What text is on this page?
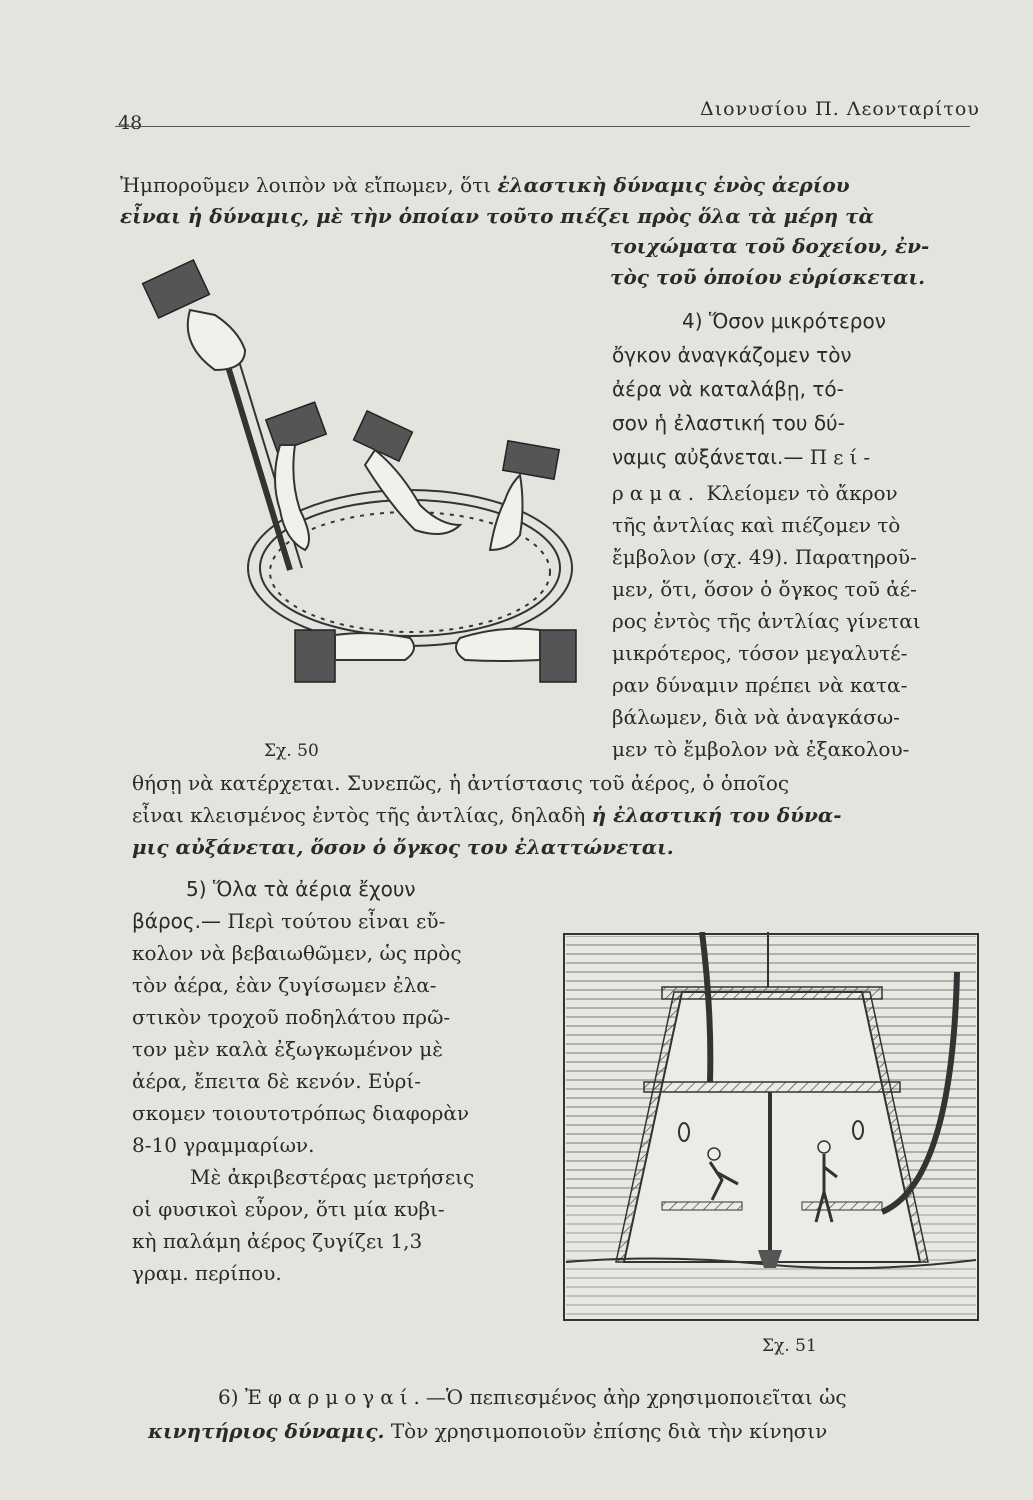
48
Διονυσίου Π. Λεονταρίτου
Ἠμποροῦμεν λοιπὸν νὰ εἴπωμεν, ὅτι ἐλαστικὴ δύναμις ἑνὸς ἀερίου
εἶναι ἡ δύναμις, μὲ τὴν ὁποίαν τοῦτο πιέζει πρὸς ὅλα τὰ μέρη τὰ
τοιχώματα τοῦ δοχείου, ἐν-
τὸς τοῦ ὁποίου εὑρίσκεται.
Σχ. 50
4) Ὅσον μικρότερον
ὄγκον ἀναγκάζομεν τὸν
ἀέρα νὰ καταλάβῃ, τό-
σον ἡ ἐλαστική του δύ-
ναμις αὐξάνεται.— Πεί-
ραμα. Κλείομεν τὸ ἄκρον
τῆς ἀντλίας καὶ πιέζομεν τὸ
ἔμβολον (σχ. 49). Παρατηροῦ-
μεν, ὅτι, ὅσον ὁ ὄγκος τοῦ ἀέ-
ρος ἐντὸς τῆς ἀντλίας γίνεται
μικρότερος, τόσον μεγαλυτέ-
ραν δύναμιν πρέπει νὰ κατα-
βάλωμεν, διὰ νὰ ἀναγκάσω-
μεν τὸ ἔμβολον νὰ ἐξακολου-
θήσῃ νὰ κατέρχεται. Συνεπῶς, ἡ ἀντίστασις τοῦ ἀέρος, ὁ ὁποῖος
εἶναι κλεισμένος ἐντὸς τῆς ἀντλίας, δηλαδὴ ἡ ἐλαστική του δύνα-
μις αὐξάνεται, ὅσον ὁ ὄγκος του ἐλαττώνεται.
5) Ὅλα τὰ ἀέρια ἔχουν
βάρος.— Περὶ τούτου εἶναι εὔ-
κολον νὰ βεβαιωθῶμεν, ὡς πρὸς
τὸν ἀέρα, ἐὰν ζυγίσωμεν ἐλα-
στικὸν τροχοῦ ποδηλάτου πρῶ-
τον μὲν καλὰ ἐξωγκωμένον μὲ
ἀέρα, ἔπειτα δὲ κενόν. Εὑρί-
σκομεν τοιουτοτρόπως διαφορὰν
8-10 γραμμαρίων.
Μὲ ἀκριβεστέρας μετρήσεις
οἱ φυσικοὶ εὗρον, ὅτι μία κυβι-
κὴ παλάμη ἀέρος ζυγίζει 1,3
γραμ. περίπου.
Σχ. 51
6) Ἐφαρμογαί.—Ὁ πεπιεσμένος ἀὴρ χρησιμοποιεῖται ὡς
κινητήριος δύναμις. Τὸν χρησιμοποιοῦν ἐπίσης διὰ τὴν κίνησιν
